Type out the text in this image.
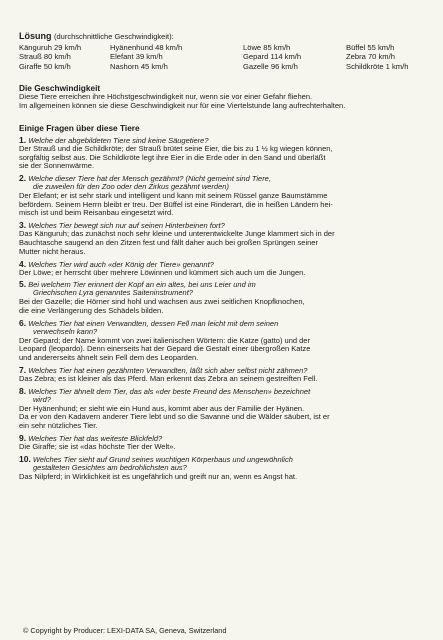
Lösung (durchschnittliche Geschwindigkeit):
Känguruh 29 km/h	Hyänenhund 48 km/h	Löwe 85 km/h	Büffel 55 km/h
Strauß 80 km/h	Elefant 39 km/h	Gepard 114 km/h	Zebra 70 km/h
Giraffe 50 km/h	Nashorn 45 km/h	Gazelle 96 km/h	Schildkröte 1 km/h
Die Geschwindigkeit

Diese Tiere erreichen ihre Höchstgeschwindigkeit nur, wenn sie vor einer Gefahr fliehen.

Im allgemeinen können sie diese Geschwindigkeit nur für eine Viertelstunde lang aufrechterhalten.

Einige Fragen über diese Tiere
1. Welche der abgebildeten Tiere sind keine Säugetiere?
Der Strauß und die Schildkröte; der Strauß brütet seine Eier, die bis zu 1 ½ kg wiegen können,
sorgfältig selbst aus. Die Schildkröte legt ihre Eier in die Erde oder in den Sand und überläßt
sie der Sonnenwärme.
2. Welche dieser Tiere hat der Mensch gezähmt? (Nicht gemeint sind Tiere,
die zuweilen für den Zoo oder den Zirkus gezähmt werden)
Der Elefant; er ist sehr stark und intelligent und kann mit seinem Rüssel ganze Baumstämme
befördern. Seinem Herrn bleibt er treu. Der Büffel ist eine Rinderart, die in heißen Ländern hei-
misch ist und beim Reisanbau eingesetzt wird.
3. Welches Tier bewegt sich nur auf seinen Hinterbeinen fort?
Das Känguruh; das zunächst noch sehr kleine und unterentwickelte Junge klammert sich in der
Bauchtasche saugend an den Zitzen fest und fällt daher auch bei großen Sprüngen seiner
Mutter nicht heraus.
4. Welches Tier wird auch «der König der Tiere» genannt?
Der Löwe; er herrscht über mehrere Löwinnen und kümmert sich auch um die Jungen.
5. Bei welchem Tier erinnert der Kopf an ein altes, bei uns Leier und im
Griechischen Lyra genanntes Saiteninstrument?
Bei der Gazelle; die Hörner sind hohl und wachsen aus zwei seitlichen Knopfknochen,
die eine Verlängerung des Schädels bilden.
6. Welches Tier hat einen Verwandten, dessen Fell man leicht mit dem seinen
verwechseln kann?
Der Gepard; der Name kommt von zwei italienischen Wörtern: die Katze (gatto) und der
Leopard (leopardo). Denn einerseits hat der Gepard die Gestalt einer übergroßen Katze
und andererseits ähnelt sein Fell dem des Leoparden.
7. Welches Tier hat einen gezähmten Verwandten, läßt sich aber selbst nicht zähmen?
Das Zebra; es ist kleiner als das Pferd. Man erkennt das Zebra an seinem gestreiften Fell.
8. Welches Tier ähnelt dem Tier, das als «der beste Freund des Menschen» bezeichnet
wird?
Der Hyänenhund; er sieht wie ein Hund aus, kommt aber aus der Familie der Hyänen.
Da er von den Kadavern anderer Tiere lebt und so die Savanne und die Wälder säubert, ist er
ein sehr nützliches Tier.
9. Welches Tier hat das weiteste Blickfeld?
Die Giraffe; sie ist «das höchste Tier der Welt».
10. Welches Tier sieht auf Grund seines wuchtigen Körperbaus und ungewöhnlich
gestalteten Gesichtes am bedrohlichsten aus?
Das Nilpferd; in Wirklichkeit ist es ungefährlich und greift nur an, wenn es Angst hat.
© Copyright by Producer: LEXI-DATA SA, Geneva, Switzerland
